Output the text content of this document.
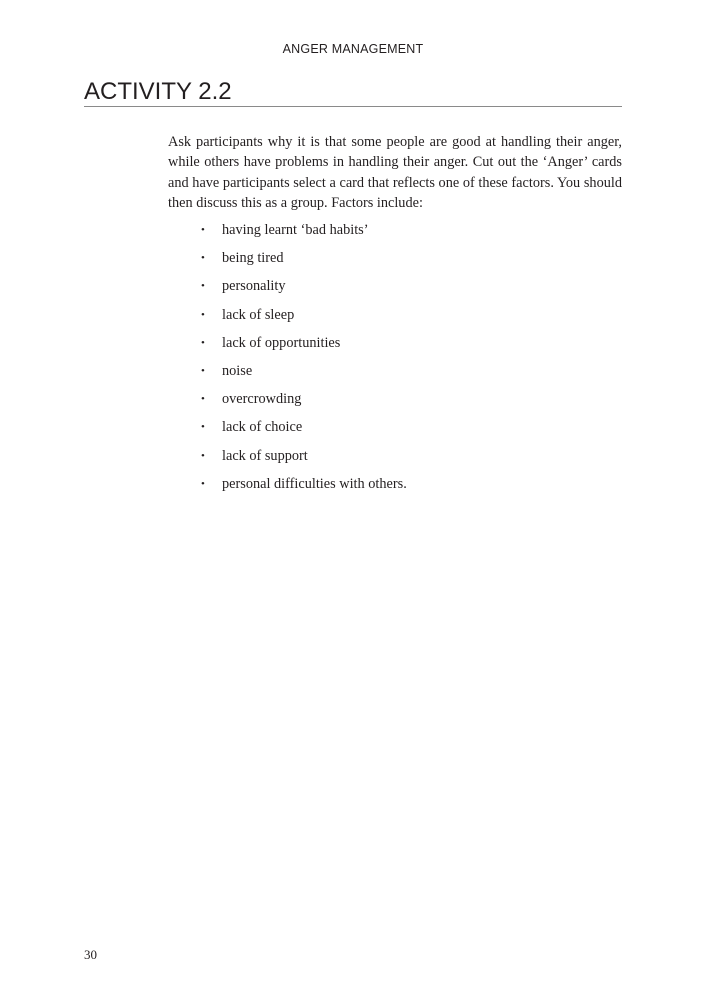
ANGER MANAGEMENT
ACTIVITY 2.2

Ask participants why it is that some people are good at handling their anger, while others have problems in handling their anger. Cut out the ‘Anger’ cards and have participants select a card that reflects one of these factors. You should then discuss this as a group. Factors include:

•	having learnt ‘bad habits’
•	being tired
•	personality
•	lack of sleep
•	lack of opportunities
•	noise
•	overcrowding
•	lack of choice
•	lack of support
•	personal difficulties with others.
30
